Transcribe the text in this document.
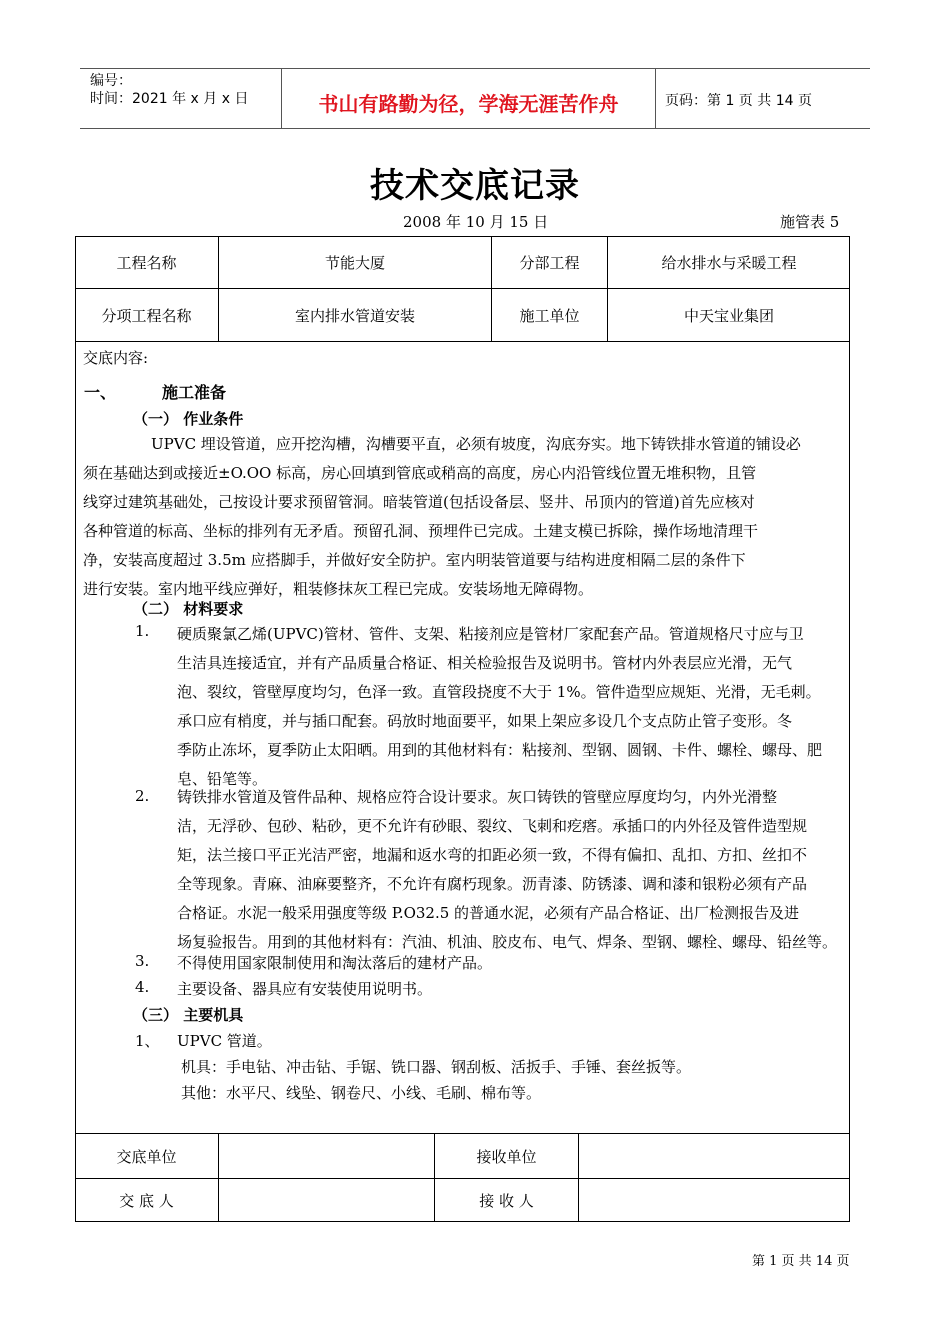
编号：
时间：2021 年 x 月 x 日	书山有路勤为径，学海无涯苦作舟	页码：第 1 页 共 14 页
技术交底记录
2008 年 10 月 15 日	施管表 5
工程名称	节能大厦	分部工程	给水排水与采暖工程
分项工程名称	室内排水管道安装	施工单位	中天宝业集团
交底内容:
一、	施工准备
（一） 作业条件
UPVC 埋设管道，应开挖沟槽，沟槽要平直，必须有坡度，沟底夯实。地下铸铁排水管道的铺设必
须在基础达到或接近±O.OO 标高，房心回填到管底或稍高的高度，房心内沿管线位置无堆积物，且管
线穿过建筑基础处，己按设计要求预留管洞。暗装管道(包括设备层、竖井、吊顶内的管道)首先应核对
各种管道的标高、坐标的排列有无矛盾。预留孔洞、预埋件已完成。土建支模已拆除，操作场地清理干
净，安装高度超过 3.5m 应搭脚手，并做好安全防护。室内明装管道要与结构进度相隔二层的条件下
进行安装。室内地平线应弹好，粗装修抹灰工程已完成。安装场地无障碍物。
（二） 材料要求
1. 硬质聚氯乙烯(UPVC)管材、管件、支架、粘接剂应是管材厂家配套产品。管道规格尺寸应与卫
生洁具连接适宜，并有产品质量合格证、相关检验报告及说明书。管材内外表层应光滑，无气
泡、裂纹，管壁厚度均匀，色泽一致。直管段挠度不大于 1%。管件造型应规矩、光滑，无毛刺。
承口应有梢度，并与插口配套。码放时地面要平，如果上架应多设几个支点防止管子变形。冬
季防止冻坏，夏季防止太阳晒。用到的其他材料有：粘接剂、型钢、圆钢、卡件、螺栓、螺母、肥
皂、铅笔等。
2. 铸铁排水管道及管件品种、规格应符合设计要求。灰口铸铁的管壁应厚度均匀，内外光滑整
洁，无浮砂、包砂、粘砂，更不允许有砂眼、裂纹、飞刺和疙瘩。承插口的内外径及管件造型规
矩，法兰接口平正光洁严密，地漏和返水弯的扣距必须一致，不得有偏扣、乱扣、方扣、丝扣不
全等现象。青麻、油麻要整齐，不允许有腐朽现象。沥青漆、防锈漆、调和漆和银粉必须有产品
合格证。水泥一般采用强度等级 P.O32.5 的普通水泥，必须有产品合格证、出厂检测报告及进
场复验报告。用到的其他材料有：汽油、机油、胶皮布、电气、焊条、型钢、螺栓、螺母、铅丝等。
3. 不得使用国家限制使用和淘汰落后的建材产品。
4. 主要设备、器具应有安装使用说明书。
（三） 主要机具
1、 UPVC 管道。
机具：手电钻、冲击钻、手锯、铣口器、钢刮板、活扳手、手锤、套丝扳等。
其他：水平尺、线坠、钢卷尺、小线、毛刷、棉布等。
交底单位	接收单位
交 底 人	接 收 人
第 1 页 共 14 页
